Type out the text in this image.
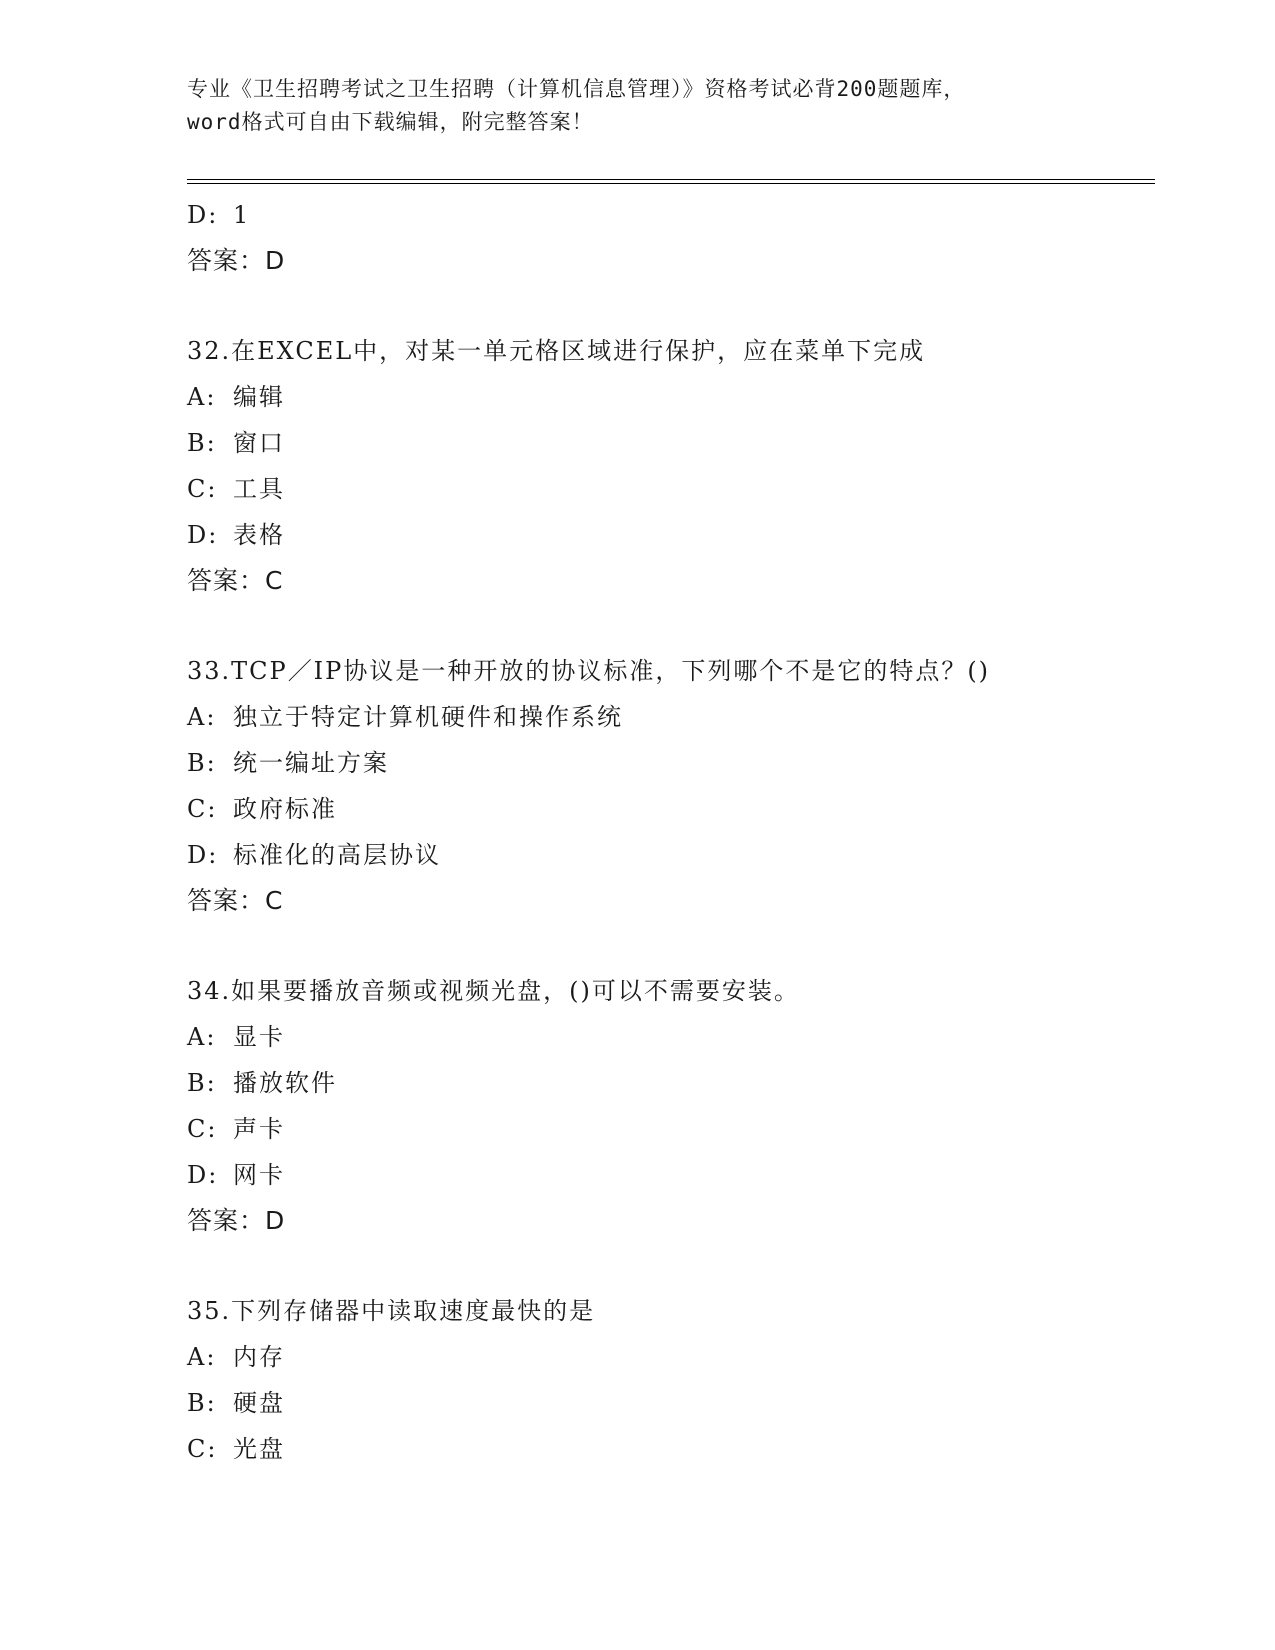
专业《卫生招聘考试之卫生招聘（计算机信息管理）》资格考试必背200题题库，
word格式可自由下载编辑，附完整答案！
D: 1
答案：D
32.在EXCEL中，对某一单元格区域进行保护，应在菜单下完成
A: 编辑
B: 窗口
C: 工具
D: 表格
答案：C
33.TCP／IP协议是一种开放的协议标准，下列哪个不是它的特点？()
A: 独立于特定计算机硬件和操作系统
B: 统一编址方案
C: 政府标准
D: 标准化的高层协议
答案：C
34.如果要播放音频或视频光盘，()可以不需要安装。
A: 显卡
B: 播放软件
C: 声卡
D: 网卡
答案：D
35.下列存储器中读取速度最快的是
A: 内存
B: 硬盘
C: 光盘
